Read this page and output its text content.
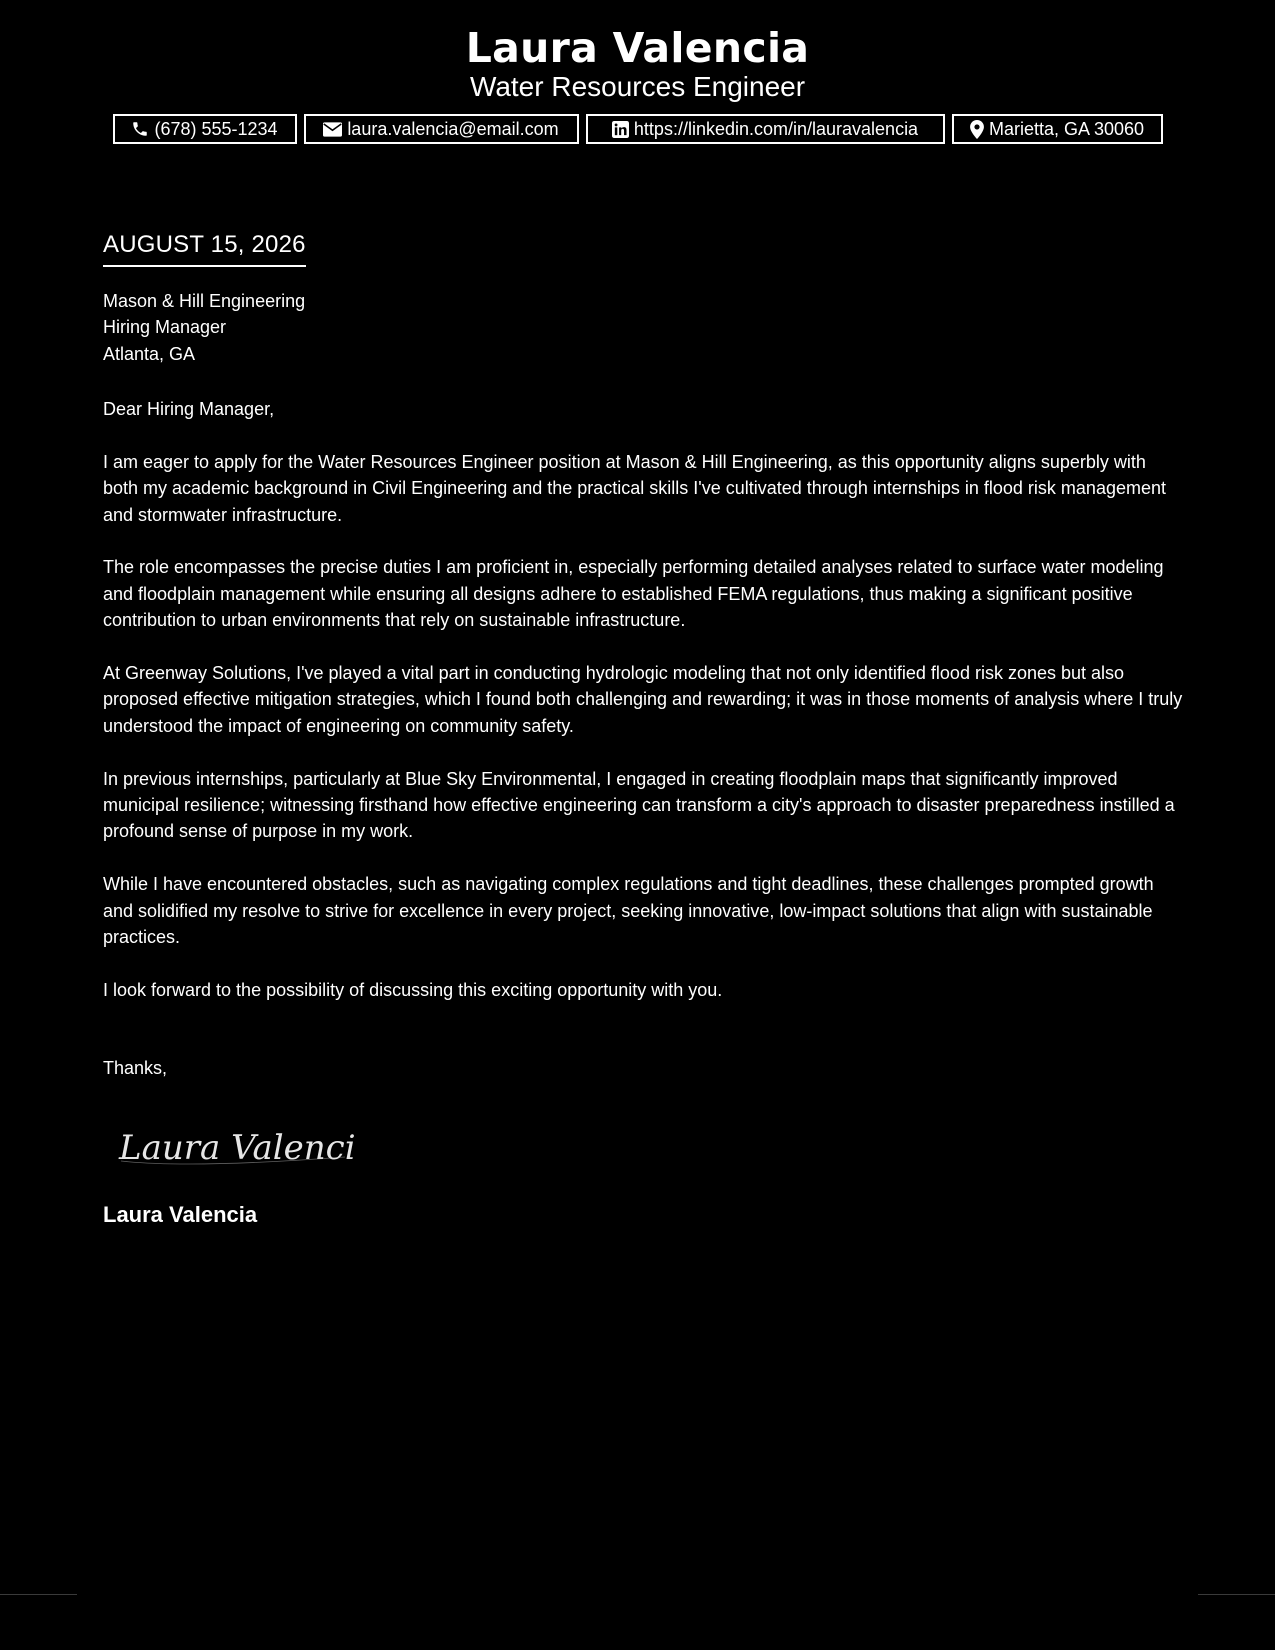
Laura Valencia
Water Resources Engineer
(678) 555-1234	laura.valencia@email.com	https://linkedin.com/in/lauravalencia	Marietta, GA 30060
AUGUST 15, 2026
Mason & Hill Engineering
Hiring Manager
Atlanta, GA

Dear Hiring Manager,

I am eager to apply for the Water Resources Engineer position at Mason & Hill Engineering, as this opportunity aligns superbly with both my academic background in Civil Engineering and the practical skills I've cultivated through internships in flood risk management and stormwater infrastructure.

The role encompasses the precise duties I am proficient in, especially performing detailed analyses related to surface water modeling and floodplain management while ensuring all designs adhere to established FEMA regulations, thus making a significant positive contribution to urban environments that rely on sustainable infrastructure.

At Greenway Solutions, I've played a vital part in conducting hydrologic modeling that not only identified flood risk zones but also proposed effective mitigation strategies, which I found both challenging and rewarding; it was in those moments of analysis where I truly understood the impact of engineering on community safety.

In previous internships, particularly at Blue Sky Environmental, I engaged in creating floodplain maps that significantly improved municipal resilience; witnessing firsthand how effective engineering can transform a city's approach to disaster preparedness instilled a profound sense of purpose in my work.

While I have encountered obstacles, such as navigating complex regulations and tight deadlines, these challenges prompted growth and solidified my resolve to strive for excellence in every project, seeking innovative, low-impact solutions that align with sustainable practices.

I look forward to the possibility of discussing this exciting opportunity with you.

Thanks,
Laura Valencia
Laura Valencia
